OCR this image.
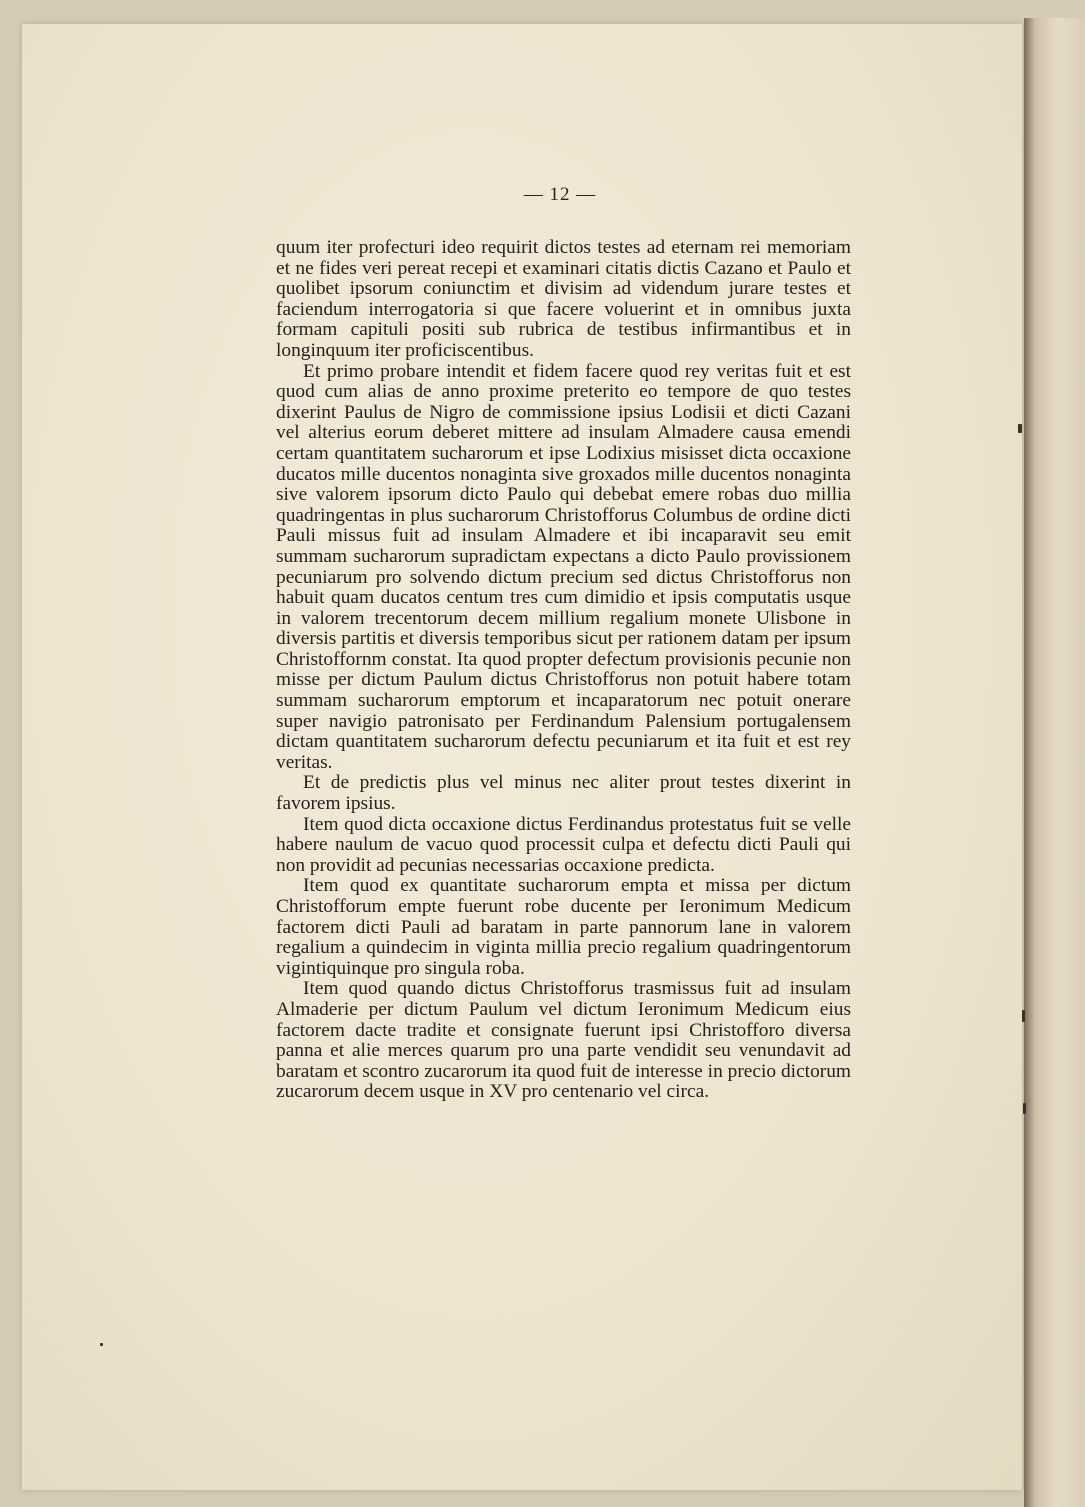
— 12 —

quum iter profecturi ideo requirit dictos testes ad eternam rei memoriam et ne fides veri pereat recepi et examinari citatis dictis Cazano et Paulo et quolibet ipsorum coniunctim et divisim ad videndum jurare testes et faciendum interrogatoria si que facere voluerint et in omnibus juxta formam capituli positi sub rubrica de testibus infirmantibus et in longinquum iter proficiscentibus.

Et primo probare intendit et fidem facere quod rey veritas fuit et est quod cum alias de anno proxime preterito eo tempore de quo testes dixerint Paulus de Nigro de commissione ipsius Lodisii et dicti Cazani vel alterius eorum deberet mittere ad insulam Almadere causa emendi certam quantitatem sucharorum et ipse Lodixius misisset dicta occaxione ducatos mille ducentos nonaginta sive groxados mille ducentos nonaginta sive valorem ipsorum dicto Paulo qui debebat emere robas duo millia quadringentas in plus sucharorum Christofforus Columbus de ordine dicti Pauli missus fuit ad insulam Almadere et ibi incaparavit seu emit summam sucharorum supradictam expectans a dicto Paulo provissionem pecuniarum pro solvendo dictum precium sed dictus Christofforus non habuit quam ducatos centum tres cum dimidio et ipsis computatis usque in valorem trecentorum decem millium regalium monete Ulisbone in diversis partitis et diversis temporibus sicut per rationem datam per ipsum Christoffornm constat. Ita quod propter defectum provisionis pecunie non misse per dictum Paulum dictus Christofforus non potuit habere totam summam sucharorum emptorum et incaparatorum nec potuit onerare super navigio patronisato per Ferdinandum Palensium portugalensem dictam quantitatem sucharorum defectu pecuniarum et ita fuit et est rey veritas.

Et de predictis plus vel minus nec aliter prout testes dixerint in favorem ipsius.

Item quod dicta occaxione dictus Ferdinandus protestatus fuit se velle habere naulum de vacuo quod processit culpa et defectu dicti Pauli qui non providit ad pecunias necessarias occaxione predicta.

Item quod ex quantitate sucharorum empta et missa per dictum Christofforum empte fuerunt robe ducente per Ieronimum Medicum factorem dicti Pauli ad baratam in parte pannorum lane in valorem regalium a quindecim in viginta millia precio regalium quadringentorum vigintiquinque pro singula roba.

Item quod quando dictus Christofforus trasmissus fuit ad insulam Almaderie per dictum Paulum vel dictum Ieronimum Medicum eius factorem dacte tradite et consignate fuerunt ipsi Christofforo diversa panna et alie merces quarum pro una parte vendidit seu venundavit ad baratam et scontro zucarorum ita quod fuit de interesse in precio dictorum zucarorum decem usque in XV pro centenario vel circa.
